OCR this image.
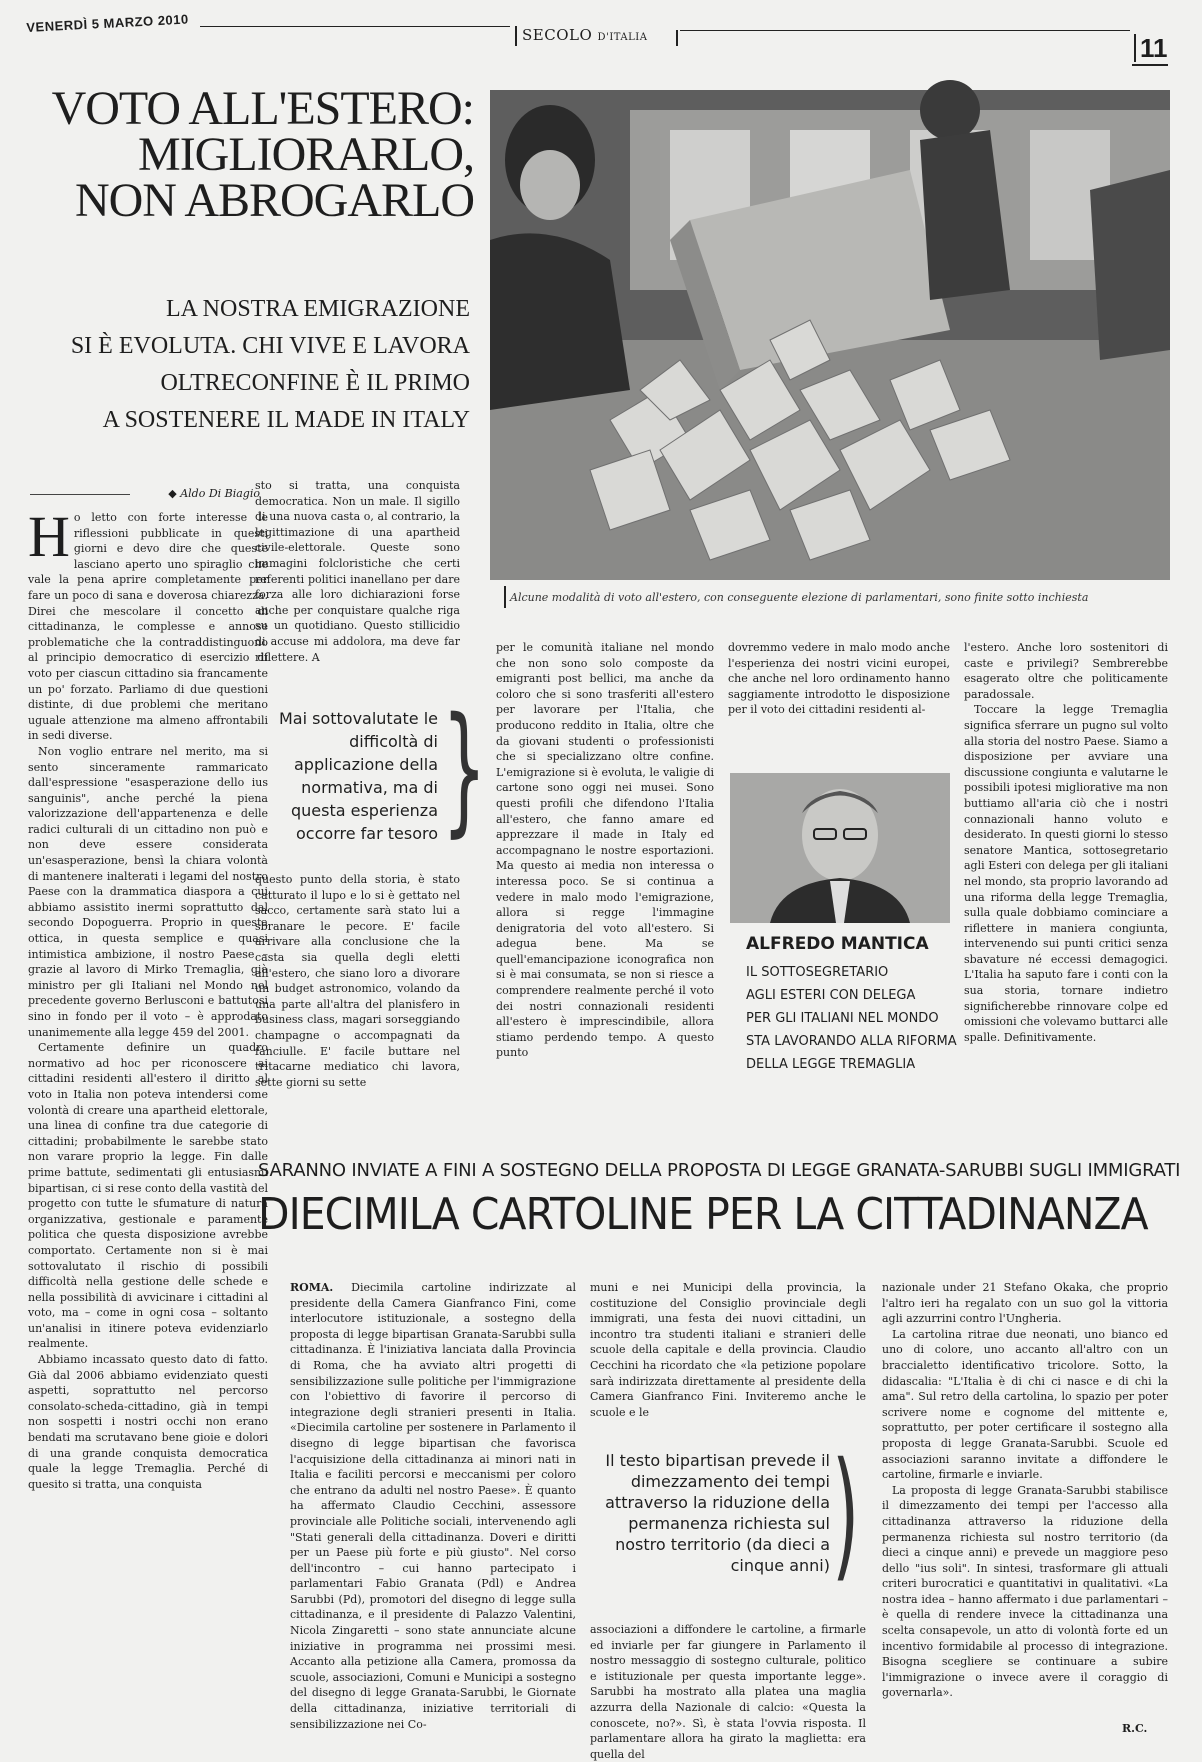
VENERDÌ 5 MARZO 2010
SECOLO D'ITALIA	11
VOTO ALL'ESTERO:
MIGLIORARLO,
NON ABROGARLO
LA NOSTRA EMIGRAZIONE
SI È EVOLUTA. CHI VIVE E LAVORA
OLTRECONFINE È IL PRIMO
A SOSTENERE IL MADE IN ITALY
Alcune modalità di voto all'estero, con conseguente elezione di parlamentari, sono finite sotto inchiesta
◆ Aldo Di Biagio
H o letto con forte interesse le riflessioni pubblicate in questi giorni e devo dire che queste lasciano aperto uno spiraglio che vale la pena aprire completamente per fare un poco di sana e doverosa chiarezza. Direi che mescolare il concetto di cittadinanza, le complesse e annose problematiche che la contraddistinguono al principio democratico di esercizio di voto per ciascun cittadino sia francamente un po' forzato. Parliamo di due questioni distinte, di due problemi che meritano uguale attenzione ma almeno affrontabili in sedi diverse.

Non voglio entrare nel merito, ma si sento sinceramente rammaricato dall'espressione "esasperazione dello ius sanguinis", anche perché la piena valorizzazione dell'appartenenza e delle radici culturali di un cittadino non può e non deve essere considerata un'esasperazione, bensì la chiara volontà di mantenere inalterati i legami del nostro Paese con la drammatica diaspora a cui abbiamo assistito inermi soprattutto dal secondo Dopoguerra. Proprio in questa ottica, in questa semplice e quasi intimistica ambizione, il nostro Paese – grazie al lavoro di Mirko Tremaglia, già ministro per gli Italiani nel Mondo nel precedente governo Berlusconi e battutosi sino in fondo per il voto – è approdato unanimemente alla legge 459 del 2001.

Certamente definire un quadro normativo ad hoc per riconoscere ai cittadini residenti all'estero il diritto al voto in Italia non poteva intendersi come volontà di creare una apartheid elettorale, una linea di confine tra due categorie di cittadini; probabilmente le sarebbe stato non varare proprio la legge. Fin dalle prime battute, sedimentati gli entusiasmi bipartisan, ci si rese conto della vastità del progetto con tutte le sfumature di natura organizzativa, gestionale e paramente politica che questa disposizione avrebbe comportato. Certamente non si è mai sottovalutato il rischio di possibili difficoltà nella gestione delle schede e nella possibilità di avvicinare i cittadini al voto, ma – come in ogni cosa – soltanto un'analisi in itinere poteva evidenziarlo realmente.

Abbiamo incassato questo dato di fatto. Già dal 2006 abbiamo evidenziato questi aspetti, soprattutto nel percorso consolato-scheda-cittadino, già in tempi non sospetti i nostri occhi non erano bendati ma scrutavano bene gioie e dolori di una grande conquista democratica quale la legge Tremaglia. Perché di quesito si tratta, una conquista

sto si tratta, una conquista democratica. Non un male. Il sigillo di una nuova casta o, al contrario, la legittimazione di una apartheid civile-elettorale. Queste sono immagini folcloristiche che certi referenti politici inanellano per dare forza alle loro dichiarazioni forse anche per conquistare qualche riga su un quotidiano. Questo stillicidio di accuse mi addolora, ma deve far riflettere. A

Mai sottovalutate le difficoltà di applicazione della normativa, ma di questa esperienza occorre far tesoro }

questo punto della storia, è stato catturato il lupo e lo si è gettato nel sacco, certamente sarà stato lui a sbranare le pecore. E' facile arrivare alla conclusione che la casta sia quella degli eletti all'estero, che siano loro a divorare un budget astronomico, volando da una parte all'altra del planisfero in business class, magari sorseggiando champagne o accompagnati da fanciulle. E' facile buttare nel tritacarne mediatico chi lavora, sette giorni su sette

per le comunità italiane nel mondo che non sono solo composte da emigranti post bellici, ma anche da coloro che si sono trasferiti all'estero per lavorare per l'Italia, che producono reddito in Italia, oltre che da giovani studenti o professionisti che si specializzano oltre confine. L'emigrazione si è evoluta, le valigie di cartone sono oggi nei musei. Sono questi profili che difendono l'Italia all'estero, che fanno amare ed apprezzare il made in Italy ed accompagnano le nostre esportazioni. Ma questo ai media non interessa o interessa poco. Se si continua a vedere in malo modo l'emigrazione, allora si regge l'immagine denigratoria del voto all'estero. Si adegua bene. Ma se quell'emancipazione iconografica non si è mai consumata, se non si riesce a comprendere realmente perché il voto dei nostri connazionali residenti all'estero è imprescindibile, allora stiamo perdendo tempo. A questo punto

dovremmo vedere in malo modo anche l'esperienza dei nostri vicini europei, che anche nel loro ordinamento hanno saggiamente introdotto le disposizione per il voto dei cittadini residenti al-

ALFREDO MANTICA
IL SOTTOSEGRETARIO
AGLI ESTERI CON DELEGA
PER GLI ITALIANI NEL MONDO
STA LAVORANDO ALLA RIFORMA
DELLA LEGGE TREMAGLIA

l'estero. Anche loro sostenitori di caste e privilegi? Sembrerebbe esagerato oltre che politicamente paradossale.

Toccare la legge Tremaglia significa sferrare un pugno sul volto alla storia del nostro Paese. Siamo a disposizione per avviare una discussione congiunta e valutarne le possibili ipotesi migliorative ma non buttiamo all'aria ciò che i nostri connazionali hanno voluto e desiderato. In questi giorni lo stesso senatore Mantica, sottosegretario agli Esteri con delega per gli italiani nel mondo, sta proprio lavorando ad una riforma della legge Tremaglia, sulla quale dobbiamo cominciare a riflettere in maniera congiunta, intervenendo sui punti critici senza sbavature né eccessi demagogici. L'Italia ha saputo fare i conti con la sua storia, tornare indietro significherebbe rinnovare colpe ed omissioni che volevamo buttarci alle spalle. Definitivamente.

SARANNO INVIATE A FINI A SOSTEGNO DELLA PROPOSTA DI LEGGE GRANATA-SARUBBI SUGLI IMMIGRATI
DIECIMILA CARTOLINE PER LA CITTADINANZA

ROMA. Diecimila cartoline indirizzate al presidente della Camera Gianfranco Fini, come interlocutore istituzionale, a sostegno della proposta di legge bipartisan Granata-Sarubbi sulla cittadinanza. È l'iniziativa lanciata dalla Provincia di Roma, che ha avviato altri progetti di sensibilizzazione sulle politiche per l'immigrazione con l'obiettivo di favorire il percorso di integrazione degli stranieri presenti in Italia. «Diecimila cartoline per sostenere in Parlamento il disegno di legge bipartisan che favorisca l'acquisizione della cittadinanza ai minori nati in Italia e faciliti percorsi e meccanismi per coloro che entrano da adulti nel nostro Paese». È quanto ha affermato Claudio Cecchini, assessore provinciale alle Politiche sociali, intervenendo agli "Stati generali della cittadinanza. Doveri e diritti per un Paese più forte e più giusto". Nel corso dell'incontro – cui hanno partecipato i parlamentari Fabio Granata (Pdl) e Andrea Sarubbi (Pd), promotori del disegno di legge sulla cittadinanza, e il presidente di Palazzo Valentini, Nicola Zingaretti – sono state annunciate alcune iniziative in programma nei prossimi mesi. Accanto alla petizione alla Camera, promossa da scuole, associazioni, Comuni e Municipi a sostegno del disegno di legge Granata-Sarubbi, le Giornate della cittadinanza, iniziative territoriali di sensibilizzazione nei Co-

muni e nei Municipi della provincia, la costituzione del Consiglio provinciale degli immigrati, una festa dei nuovi cittadini, un incontro tra studenti italiani e stranieri delle scuole della capitale e della provincia. Claudio Cecchini ha ricordato che «la petizione popolare sarà indirizzata direttamente al presidente della Camera Gianfranco Fini. Inviteremo anche le scuole e le

Il testo bipartisan prevede il dimezzamento dei tempi attraverso la riduzione della permanenza richiesta sul nostro territorio (da dieci a cinque anni) )

associazioni a diffondere le cartoline, a firmarle ed inviarle per far giungere in Parlamento il nostro messaggio di sostegno culturale, politico e istituzionale per questa importante legge». Sarubbi ha mostrato alla platea una maglia azzurra della Nazionale di calcio: «Questa la conoscete, no?». Sì, è stata l'ovvia risposta. Il parlamentare allora ha girato la maglietta: era quella del

nazionale under 21 Stefano Okaka, che proprio l'altro ieri ha regalato con un suo gol la vittoria agli azzurrini contro l'Ungheria.

La cartolina ritrae due neonati, uno bianco ed uno di colore, uno accanto all'altro con un braccialetto identificativo tricolore. Sotto, la didascalia: "L'Italia è di chi ci nasce e di chi la ama". Sul retro della cartolina, lo spazio per poter scrivere nome e cognome del mittente e, soprattutto, per poter certificare il sostegno alla proposta di legge Granata-Sarubbi. Scuole ed associazioni saranno invitate a diffondere le cartoline, firmarle e inviarle.

La proposta di legge Granata-Sarubbi stabilisce il dimezzamento dei tempi per l'accesso alla cittadinanza attraverso la riduzione della permanenza richiesta sul nostro territorio (da dieci a cinque anni) e prevede un maggiore peso dello "ius soli". In sintesi, trasformare gli attuali criteri burocratici e quantitativi in qualitativi. «La nostra idea – hanno affermato i due parlamentari – è quella di rendere invece la cittadinanza una scelta consapevole, un atto di volontà forte ed un incentivo formidabile al processo di integrazione. Bisogna scegliere se continuare a subire l'immigrazione o invece avere il coraggio di governarla».

R.C.
